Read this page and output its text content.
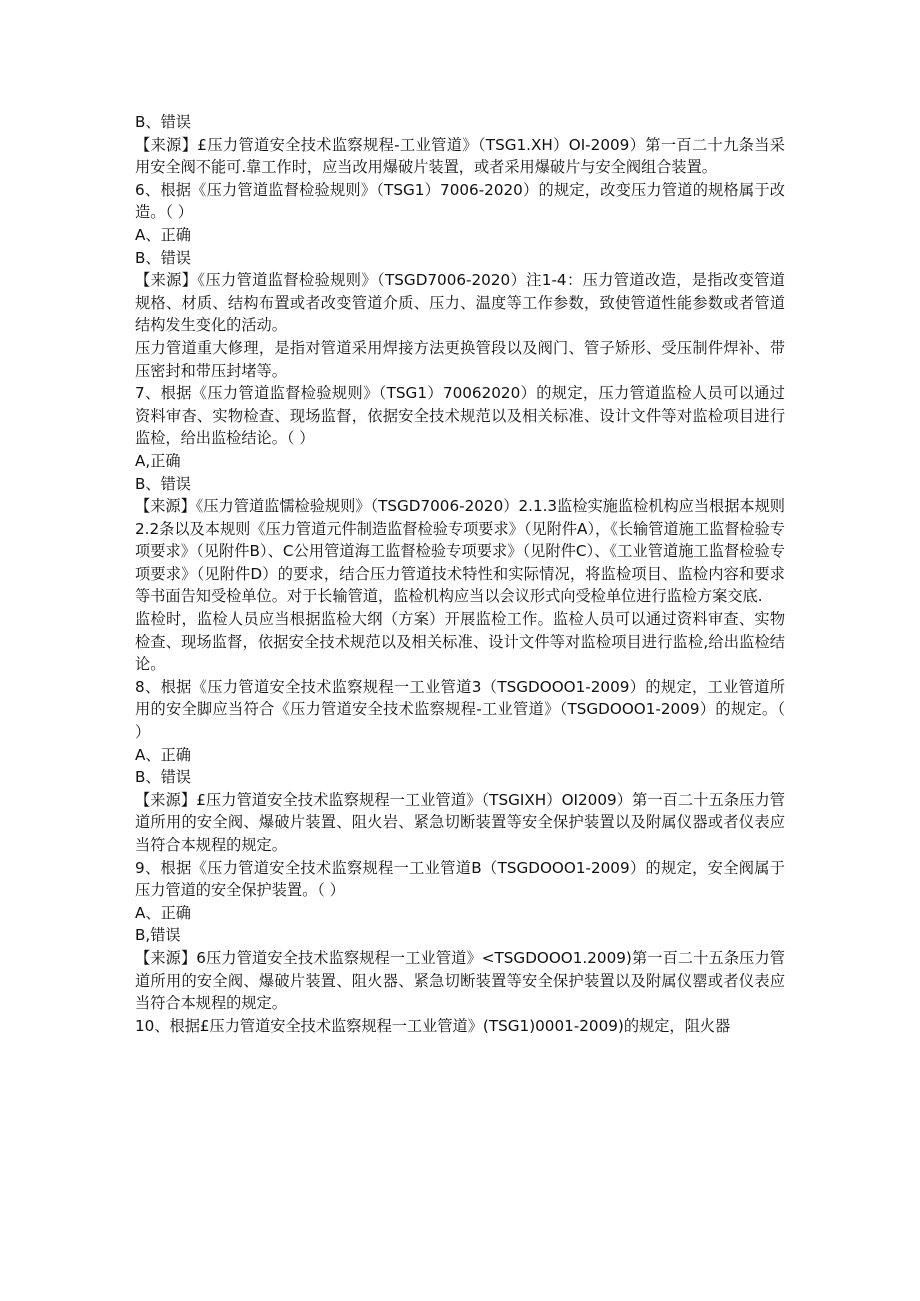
B、错误

【来源】£压力管道安全技术监察规程-工业管道》（TSG1.XH）OI-2009）第一百二十九条当采用安全阀不能可.靠工作时，应当改用爆破片装置，或者采用爆破片与安全阀组合装置。

6、根据《压力管道监督检验规则》（TSG1）7006-2020）的规定，改变压力管道的规格属于改造。（ ）

A、正确

B、错误

【来源】《压力管道监督检验规则》（TSGD7006-2020）注1-4：压力管道改造，是指改变管道规格、材质、结构布置或者改变管道介质、压力、温度等工作参数，致使管道性能参数或者管道结构发生变化的活动。

压力管道重大修理，是指对管道采用焊接方法更换管段以及阀门、管子矫形、受压制件焊补、带压密封和带压封堵等。

7、根据《压力管道监督检验规则》（TSG1）70062020）的规定，压力管道监检人员可以通过资料审杳、实物检查、现场监督，依据安全技术规范以及相关标准、设计文件等对监检项目进行监检，给出监检结论。（ ）

A,正确

B、错误

【来源】《压力管道监懦检验规则》（TSGD7006-2020）2.1.3监检实施监检机构应当根据本规则2.2条以及本规则《压力管道元件制造监督检验专项要求》（见附件A），《长输管道施工监督检验专项要求》（见附件B）、C公用管道海工监督检验专项要求》（见附件C）、《工业管道施工监督检验专项要求》（见附件D）的要求，结合压力管道技术特性和实际情况，将监检项目、监检内容和要求等书面告知受检单位。对于长输管道，监检机构应当以会议形式向受检单位进行监检方案交底.

监检时，监检人员应当根据监检大纲（方案）开展监检工作。监检人员可以通过资料审查、实物检查、现场监督，依据安全技术规范以及相关标准、设计文件等对监检项目进行监检,给出监检结论。

8、根据《压力管道安全技术监察规程一工业管道3（TSGDOOO1-2009）的规定，工业管道所用的安全脚应当符合《压力管道安全技术监察规程-工业管道》（TSGDOOO1-2009）的规定。（ ）

A、正确

B、错误

【来源】£压力管道安全技术监察规程一工业管道》（TSGIXH）OI2009）第一百二十五条压力管道所用的安全阀、爆破片装置、阻火岩、紧急切断装置等安全保护装置以及附属仪器或者仪表应当符合本规程的规定。

9、根据《压力管道安全技术监察规程一工业管道B（TSGDOOO1-2009）的规定，安全阀属于压力管道的安全保护装置。（ ）

A、正确

B,错误

【来源】6压力管道安全技术监察规程一工业管道》<TSGDOOO1.2009)第一百二十五条压力管道所用的安全阀、爆破片装置、阻火器、紧急切断装置等安全保护装置以及附属仪罂或者仪表应当符合本规程的规定。

10、根据£压力管道安全技术监察规程一工业管道》(TSG1)0001-2009)的规定，阻火器
